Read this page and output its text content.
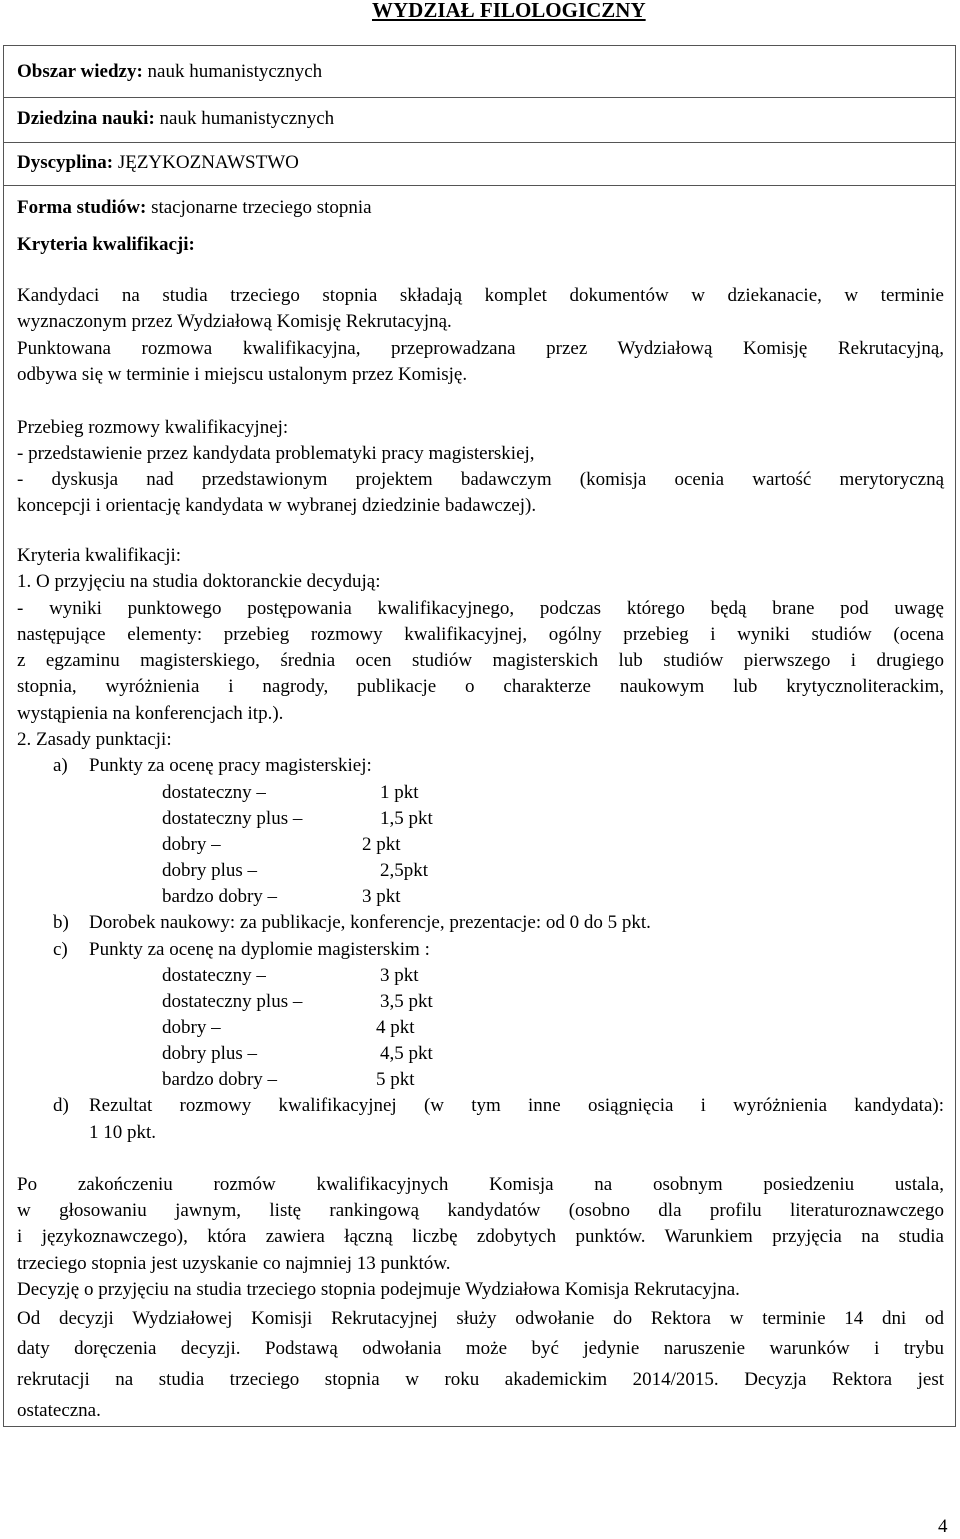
WYDZIAŁ FILOLOGICZNY
Obszar wiedzy: nauk humanistycznych
Dziedzina nauki: nauk humanistycznych
Dyscyplina: JĘZYKOZNAWSTWO
Forma studiów: stacjonarne trzeciego stopnia
Kryteria kwalifikacji:
Kandydaci na studia trzeciego stopnia składają komplet dokumentów w dziekanacie, w terminie
wyznaczonym przez Wydziałową Komisję Rekrutacyjną.
Punktowana rozmowa kwalifikacyjna, przeprowadzana przez Wydziałową Komisję Rekrutacyjną,
odbywa się w terminie i miejscu ustalonym przez Komisję.
Przebieg rozmowy kwalifikacyjnej:
- przedstawienie przez kandydata problematyki pracy magisterskiej,
- dyskusja nad przedstawionym projektem badawczym (komisja ocenia wartość merytoryczną
koncepcji i orientację kandydata w wybranej dziedzinie badawczej).
Kryteria kwalifikacji:
1. O przyjęciu na studia doktoranckie decydują:
- wyniki punktowego postępowania kwalifikacyjnego, podczas którego będą brane pod uwagę
następujące elementy: przebieg rozmowy kwalifikacyjnej, ogólny przebieg i wyniki studiów (ocena
z egzaminu magisterskiego, średnia ocen studiów magisterskich lub studiów pierwszego i drugiego
stopnia, wyróżnienia i nagrody, publikacje o charakterze naukowym lub krytycznoliterackim,
wystąpienia na konferencjach itp.).
2. Zasady punktacji:
a) Punkty za ocenę pracy magisterskiej:
dostateczny –	1 pkt
dostateczny plus –	1,5 pkt
dobry –	2 pkt
dobry plus –	2,5pkt
bardzo dobry –	3 pkt
b) Dorobek naukowy: za publikacje, konferencje, prezentacje: od 0 do 5 pkt.
c) Punkty za ocenę na dyplomie magisterskim :
dostateczny –	3 pkt
dostateczny plus –	3,5 pkt
dobry –	4 pkt
dobry plus –	4,5 pkt
bardzo dobry –	5 pkt
d) Rezultat rozmowy kwalifikacyjnej (w tym inne osiągnięcia i wyróżnienia kandydata):
1 10 pkt.
Po zakończeniu rozmów kwalifikacyjnych Komisja na osobnym posiedzeniu ustala,
w głosowaniu jawnym, listę rankingową kandydatów (osobno dla profilu literaturoznawczego
i językoznawczego), która zawiera łączną liczbę zdobytych punktów. Warunkiem przyjęcia na studia
trzeciego stopnia jest uzyskanie co najmniej 13 punktów.
Decyzję o przyjęciu na studia trzeciego stopnia podejmuje Wydziałowa Komisja Rekrutacyjna.
Od decyzji Wydziałowej Komisji Rekrutacyjnej służy odwołanie do Rektora w terminie 14 dni od
daty doręczenia decyzji. Podstawą odwołania może być jedynie naruszenie warunków i trybu
rekrutacji na studia trzeciego stopnia w roku akademickim 2014/2015. Decyzja Rektora jest
ostateczna.
4
